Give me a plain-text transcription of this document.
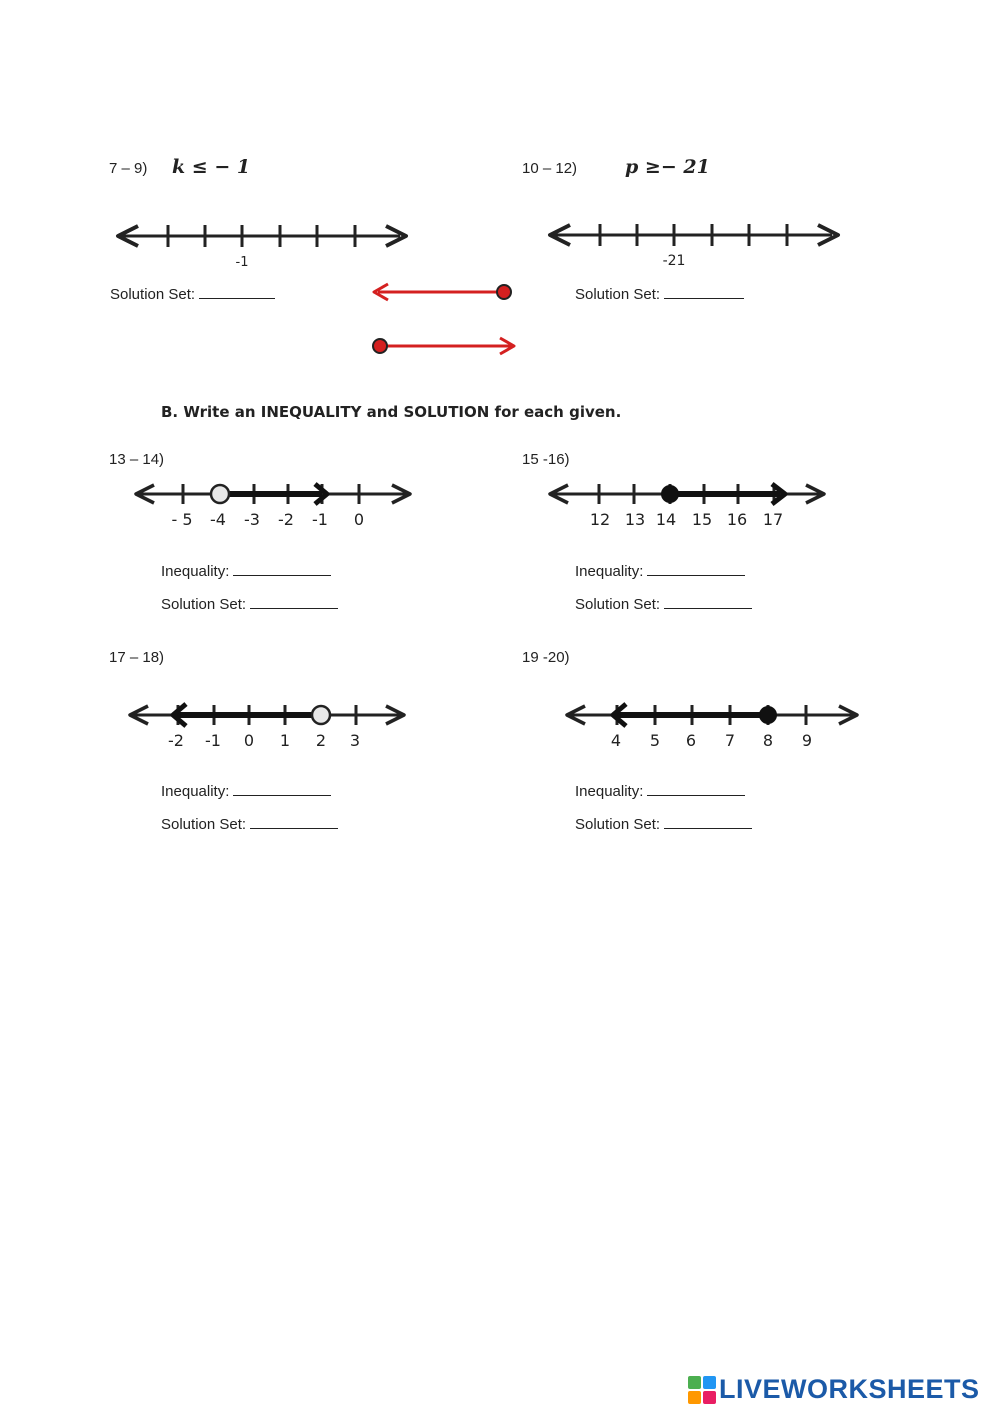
7 – 9) k ≤ − 1
-1
Solution Set:
10 – 12)	p ≥− 21
-21
Solution Set:
B. Write an INEQUALITY and SOLUTION for each given.
13 – 14)
- 5 -4 -3 -2 -1 0
Inequality:
Solution Set:
15 -16)
12 13 14 15 16 17
Inequality:
Solution Set:
17 – 18)
-2 -1 0 1 2 3
Inequality:
Solution Set:
19 -20)
4 5 6 7 8 9
Inequality:
Solution Set:
LIVEWORKSHEETS
